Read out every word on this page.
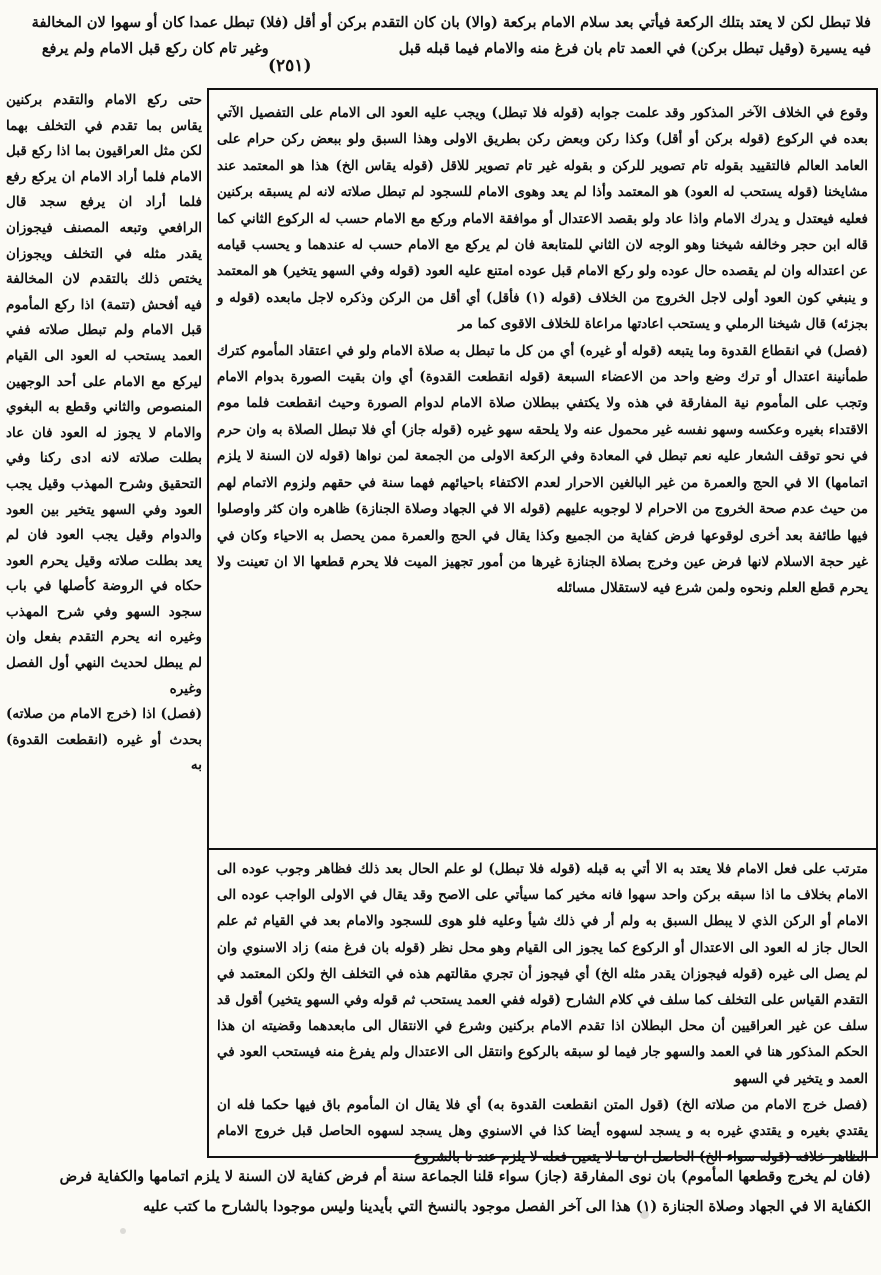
فلا تبطل لكن لا يعتد بتلك الركعة فيأتي بعد سلام الامام بركعة (والا) بان كان التقدم بركن أو أقل (فلا) تبطل عمدا كان أو سهوا لان المخالفة

فيه يسيرة (وقيل تبطل بركن) في العمد تام بان فرغ منه والامام فيما قبله قبل  وغير تام كان ركع قبل الامام ولم يرفع

(٢٥١)

حتى ركع الامام والتقدم بركنين يقاس بما تقدم في التخلف بهما لكن مثل العراقيون بما اذا ركع قبل الامام فلما أراد الامام ان يركع رفع فلما أراد ان يرفع سجد قال الرافعي وتبعه المصنف فيجوزان يقدر مثله في التخلف ويجوزان يختص ذلك بالتقدم لان المخالفة فيه أفحش (تتمة) اذا ركع المأموم قبل الامام ولم تبطل صلاته ففي العمد يستحب له العود الى القيام ليركع مع الامام على أحد الوجهين المنصوص والثاني وقطع به البغوي والامام لا يجوز له العود فان عاد بطلت صلاته لانه ادى ركنا وفي التحقيق وشرح المهذب وقيل يجب العود وفي السهو يتخير بين العود والدوام وقيل يجب العود فان لم يعد بطلت صلاته وقيل يحرم العود حكاه في الروضة كأصلها في باب سجود السهو وفي شرح المهذب وغيره انه يحرم التقدم بفعل وان لم يبطل لحديث النهي أول الفصل وغيره

(فصل) اذا (خرج الامام من صلاته) بحدث أو غيره (انقطعت القدوة) به

وقوع في الخلاف الآخر المذكور وقد علمت جوابه (قوله فلا تبطل) ويجب عليه العود الى الامام على التفصيل الآتي بعده في الركوع (قوله بركن أو أقل) وكذا ركن وبعض ركن بطريق الاولى وهذا السبق ولو ببعض ركن حرام على العامد العالم فالتقييد بقوله تام تصوير للركن و بقوله غير تام تصوير للاقل (قوله يقاس الخ) هذا هو المعتمد عند مشايخنا (قوله يستحب له العود) هو المعتمد وأذا لم يعد وهوى الامام للسجود لم تبطل صلاته لانه لم يسبقه بركنين فعليه فيعتدل و يدرك الامام واذا عاد ولو بقصد الاعتدال أو موافقة الامام وركع مع الامام حسب له الركوع الثاني كما قاله ابن حجر وخالفه شيخنا وهو الوجه لان الثاني للمتابعة فان لم يركع مع الامام حسب له عندهما و يحسب قيامه عن اعتداله وان لم يقصده حال عوده ولو ركع الامام قبل عوده امتنع عليه العود (قوله وفي السهو يتخير) هو المعتمد و ينبغي كون العود أولى لاجل الخروج من الخلاف (قوله (١) فأقل) أي أقل من الركن وذكره لاجل مابعده (قوله و بجزئه) قال شيخنا الرملي و يستحب اعادتها مراعاة للخلاف الاقوى كما مر

(فصل) في انقطاع القدوة وما يتبعه (قوله أو غيره) أي من كل ما تبطل به صلاة الامام ولو في اعتقاد المأموم كترك طمأنينة اعتدال أو ترك وضع واحد من الاعضاء السبعة (قوله انقطعت القدوة) أي وان بقيت الصورة بدوام الامام وتجب على المأموم نية المفارقة في هذه ولا يكتفي ببطلان صلاة الامام لدوام الصورة وحيث انقطعت فلما موم الاقتداء بغيره وعكسه وسهو نفسه غير محمول عنه ولا يلحقه سهو غيره (قوله جاز) أي فلا تبطل الصلاة به وان حرم في نحو توقف الشعار عليه نعم تبطل في المعادة وفي الركعة الاولى من الجمعة لمن نواها (قوله لان السنة لا يلزم اتمامها) الا في الحج والعمرة من غير البالغين الاحرار لعدم الاكتفاء باحيائهم فهما سنة في حقهم ولزوم الاتمام لهم من حيث عدم صحة الخروج من الاحرام لا لوجوبه عليهم (قوله الا في الجهاد وصلاة الجنازة) ظاهره وان كثر واوصلوا فيها طائفة بعد أخرى لوقوعها فرض كفاية من الجميع وكذا يقال في الحج والعمرة ممن يحصل به الاحياء وكان في غير حجة الاسلام لانها فرض عين وخرج بصلاة الجنازة غيرها من أمور تجهيز الميت فلا يحرم قطعها الا ان تعينت ولا يحرم قطع العلم ونحوه ولمن شرع فيه لاستقلال مسائله

مترتب على فعل الامام فلا يعتد به الا أتي به قبله (قوله فلا تبطل) لو علم الحال بعد ذلك فظاهر وجوب عوده الى الامام بخلاف ما اذا سبقه بركن واحد سهوا فانه مخير كما سيأتي على الاصح وقد يقال في الاولى الواجب عوده الى الامام أو الركن الذي لا يبطل السبق به ولم أر في ذلك شيأ وعليه فلو هوى للسجود والامام بعد في القيام ثم علم الحال جاز له العود الى الاعتدال أو الركوع كما يجوز الى القيام وهو محل نظر (قوله بان فرغ منه) زاد الاسنوي وان لم يصل الى غيره (قوله فيجوزان يقدر مثله الخ) أي فيجوز أن تجري مقالتهم هذه في التخلف الخ ولكن المعتمد في التقدم القياس على التخلف كما سلف في كلام الشارح (قوله ففي العمد يستحب ثم قوله وفي السهو يتخير) أقول قد سلف عن غير العراقيين أن محل البطلان اذا تقدم الامام بركنين وشرع في الانتقال الى مابعدهما وقضيته ان هذا الحكم المذكور هنا في العمد والسهو جار فيما لو سبقه بالركوع وانتقل الى الاعتدال ولم يفرغ منه فيستحب العود في العمد و يتخير في السهو

(فصل خرج الامام من صلاته الخ) (قول المتن انقطعت القدوة به) أي فلا يقال ان المأموم باق فيها حكما فله ان يقتدي بغيره و يقتدي غيره به و يسجد لسهوه أيضا كذا في الاسنوي وهل يسجد لسهوه الحاصل قبل خروج الامام الظاهر خلافه (قوله سواء الخ) الحاصل ان ما لا يتعين فعله لا يلزم عند نا بالشروع

(فان لم يخرج وقطعها المأموم) بان نوى المفارقة (جاز) سواء قلنا الجماعة سنة أم فرض كفاية لان السنة لا يلزم اتمامها والكفاية فرض

الكفاية الا في الجهاد وصلاة الجنازة (١) هذا الى آخر الفصل موجود بالنسخ التي بأيدينا وليس موجودا بالشارح ما كتب عليه
